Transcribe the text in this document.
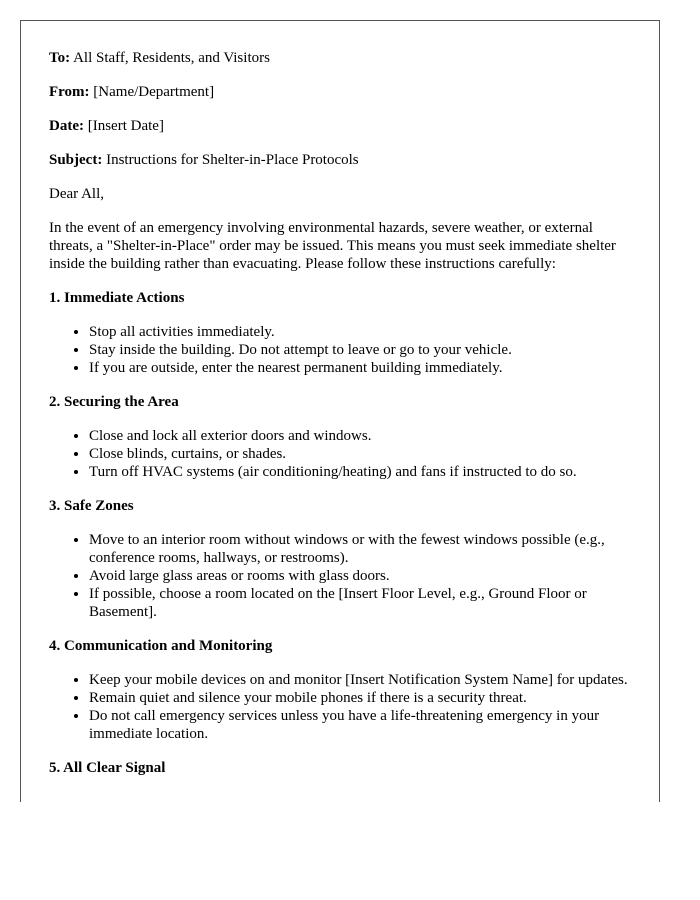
To: All Staff, Residents, and Visitors

From: [Name/Department]

Date: [Insert Date]

Subject: Instructions for Shelter-in-Place Protocols

Dear All,

In the event of an emergency involving environmental hazards, severe weather, or external threats, a "Shelter-in-Place" order may be issued. This means you must seek immediate shelter inside the building rather than evacuating. Please follow these instructions carefully:

1. Immediate Actions
• Stop all activities immediately.
• Stay inside the building. Do not attempt to leave or go to your vehicle.
• If you are outside, enter the nearest permanent building immediately.
2. Securing the Area
• Close and lock all exterior doors and windows.
• Close blinds, curtains, or shades.
• Turn off HVAC systems (air conditioning/heating) and fans if instructed to do so.
3. Safe Zones
• Move to an interior room without windows or with the fewest windows possible (e.g., conference rooms, hallways, or restrooms).
• Avoid large glass areas or rooms with glass doors.
• If possible, choose a room located on the [Insert Floor Level, e.g., Ground Floor or Basement].
4. Communication and Monitoring
• Keep your mobile devices on and monitor [Insert Notification System Name] for updates.
• Remain quiet and silence your mobile phones if there is a security threat.
• Do not call emergency services unless you have a life-threatening emergency in your immediate location.
5. All Clear Signal
